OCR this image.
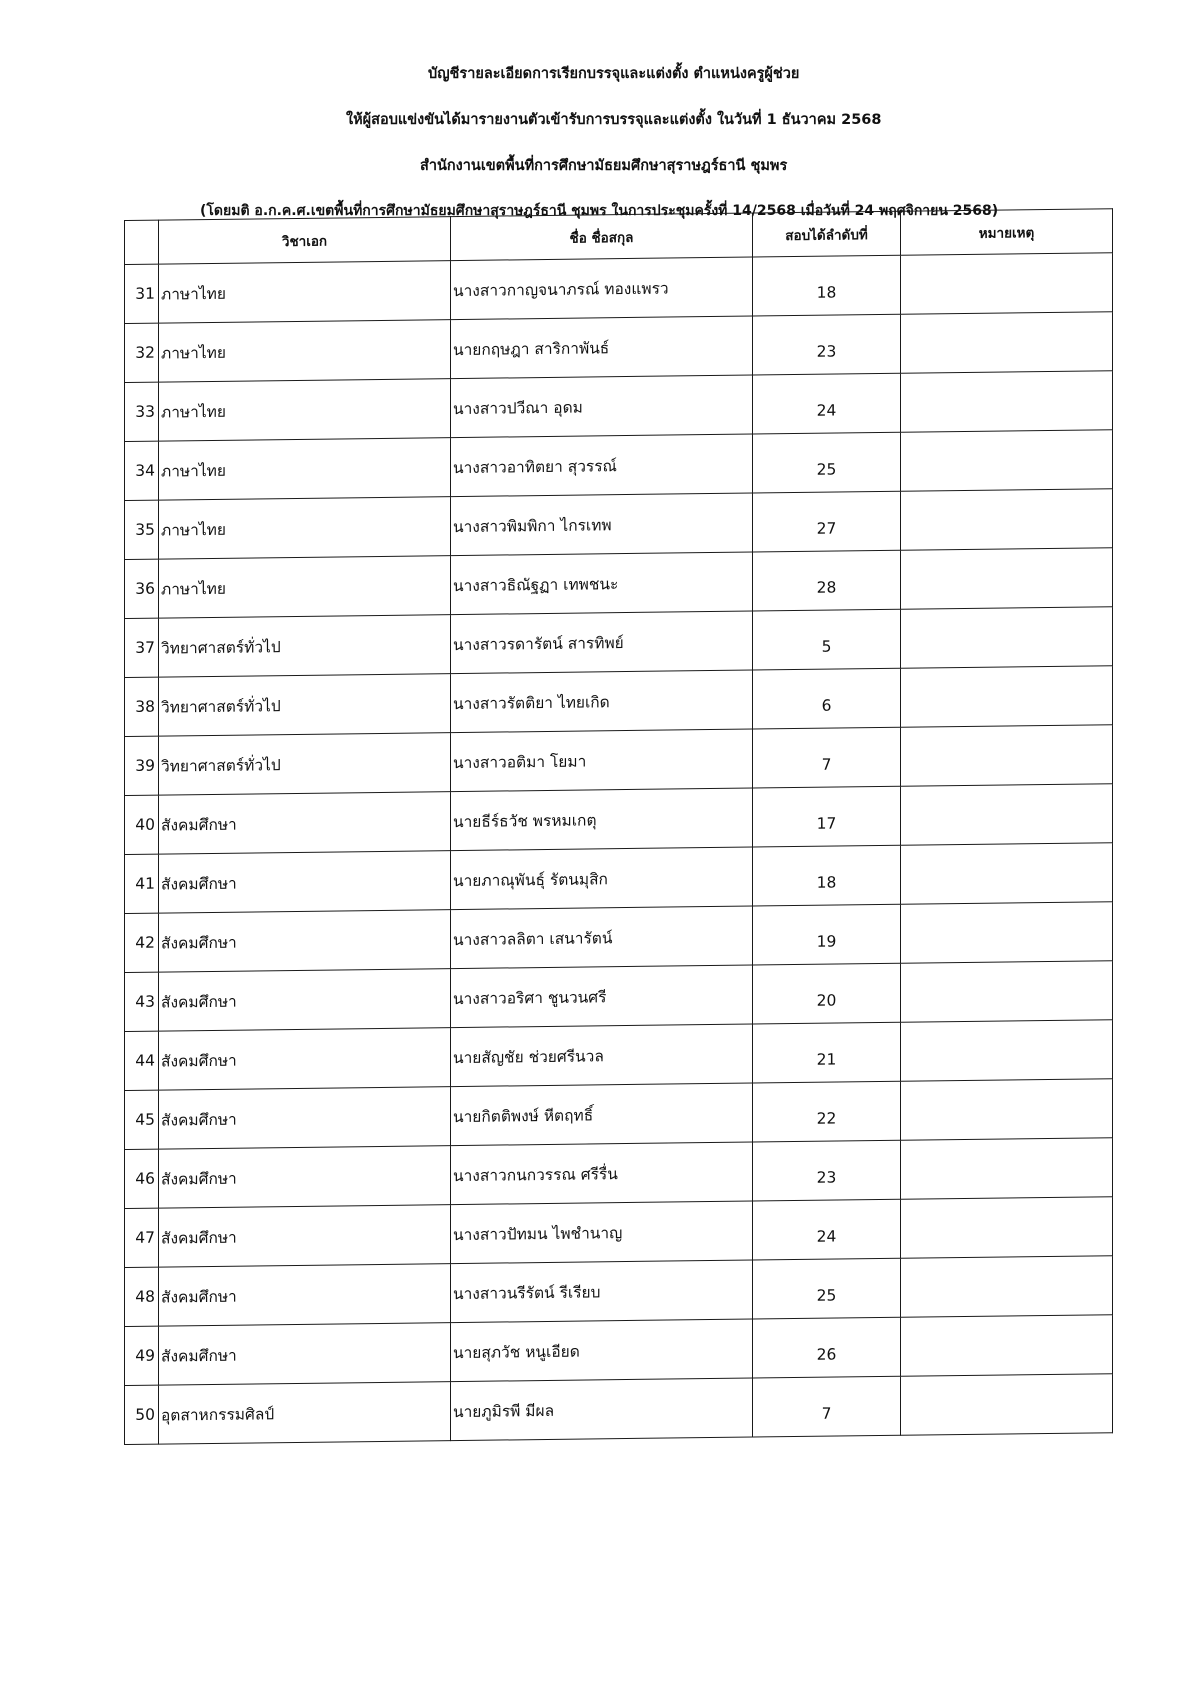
บัญชีรายละเอียดการเรียกบรรจุและแต่งตั้ง ตำแหน่งครูผู้ช่วย
ให้ผู้สอบแข่งขันได้มารายงานตัวเข้ารับการบรรจุและแต่งตั้ง ในวันที่ 1 ธันวาคม 2568
สำนักงานเขตพื้นที่การศึกษามัธยมศึกษาสุราษฎร์ธานี ชุมพร
(โดยมติ อ.ก.ค.ศ.เขตพื้นที่การศึกษามัธยมศึกษาสุราษฎร์ธานี ชุมพร ในการประชุมครั้งที่ 14/2568 เมื่อวันที่ 24 พฤศจิกายน 2568)
	วิชาเอก	ชื่อ ชื่อสกุล	สอบได้ลำดับที่	หมายเหตุ
31	ภาษาไทย	นางสาวกาญจนาภรณ์ ทองแพรว	18	
32	ภาษาไทย	นายกฤษฎา สาริกาพันธ์	23	
33	ภาษาไทย	นางสาวปวีณา อุดม	24	
34	ภาษาไทย	นางสาวอาทิตยา สุวรรณ์	25	
35	ภาษาไทย	นางสาวพิมพิกา ไกรเทพ	27	
36	ภาษาไทย	นางสาวธิณัฐฏา เทพชนะ	28	
37	วิทยาศาสตร์ทั่วไป	นางสาวรดารัตน์ สารทิพย์	5	
38	วิทยาศาสตร์ทั่วไป	นางสาวรัตติยา ไทยเกิด	6	
39	วิทยาศาสตร์ทั่วไป	นางสาวอติมา โยมา	7	
40	สังคมศึกษา	นายธีร์ธวัช พรหมเกตุ	17	
41	สังคมศึกษา	นายภาณุพันธุ์ รัตนมุสิก	18	
42	สังคมศึกษา	นางสาวลลิตา เสนารัตน์	19	
43	สังคมศึกษา	นางสาวอริศา ชูนวนศรี	20	
44	สังคมศึกษา	นายสัญชัย ช่วยศรีนวล	21	
45	สังคมศึกษา	นายกิตติพงษ์ หีตฤทธิ์	22	
46	สังคมศึกษา	นางสาวกนกวรรณ ศรีรื่น	23	
47	สังคมศึกษา	นางสาวปัทมน ไพชำนาญ	24	
48	สังคมศึกษา	นางสาวนรีรัตน์ รีเรียบ	25	
49	สังคมศึกษา	นายสุภวัช หนูเอียด	26	
50	อุตสาหกรรมศิลป์	นายภูมิรพี มีผล	7	
